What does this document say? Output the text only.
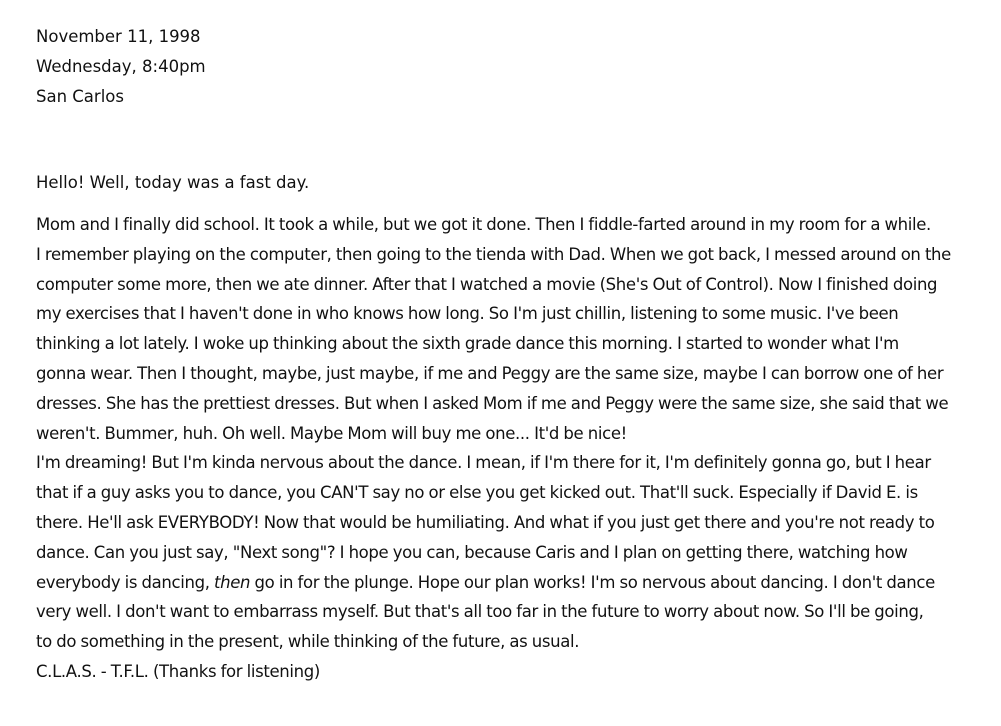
November 11, 1998
Wednesday, 8:40pm
San Carlos
Hello! Well, today was a fast day.

Mom and I finally did school. It took a while, but we got it done. Then I fiddle-farted around in my room for a while.
I remember playing on the computer, then going to the tienda with Dad. When we got back, I messed around on the
computer some more, then we ate dinner. After that I watched a movie (She's Out of Control). Now I finished doing
my exercises that I haven't done in who knows how long. So I'm just chillin, listening to some music. I've been
thinking a lot lately. I woke up thinking about the sixth grade dance this morning. I started to wonder what I'm
gonna wear. Then I thought, maybe, just maybe, if me and Peggy are the same size, maybe I can borrow one of her
dresses. She has the prettiest dresses. But when I asked Mom if me and Peggy were the same size, she said that we
weren't. Bummer, huh. Oh well. Maybe Mom will buy me one... It'd be nice!

I'm dreaming! But I'm kinda nervous about the dance. I mean, if I'm there for it, I'm definitely gonna go, but I hear
that if a guy asks you to dance, you CAN'T say no or else you get kicked out. That'll suck. Especially if David E. is
there. He'll ask EVERYBODY! Now that would be humiliating. And what if you just get there and you're not ready to
dance. Can you just say, "Next song"? I hope you can, because Caris and I plan on getting there, watching how
everybody is dancing, then go in for the plunge. Hope our plan works! I'm so nervous about dancing. I don't dance
very well. I don't want to embarrass myself. But that's all too far in the future to worry about now. So I'll be going,
to do something in the present, while thinking of the future, as usual.

C.L.A.S. - T.F.L. (Thanks for listening)
